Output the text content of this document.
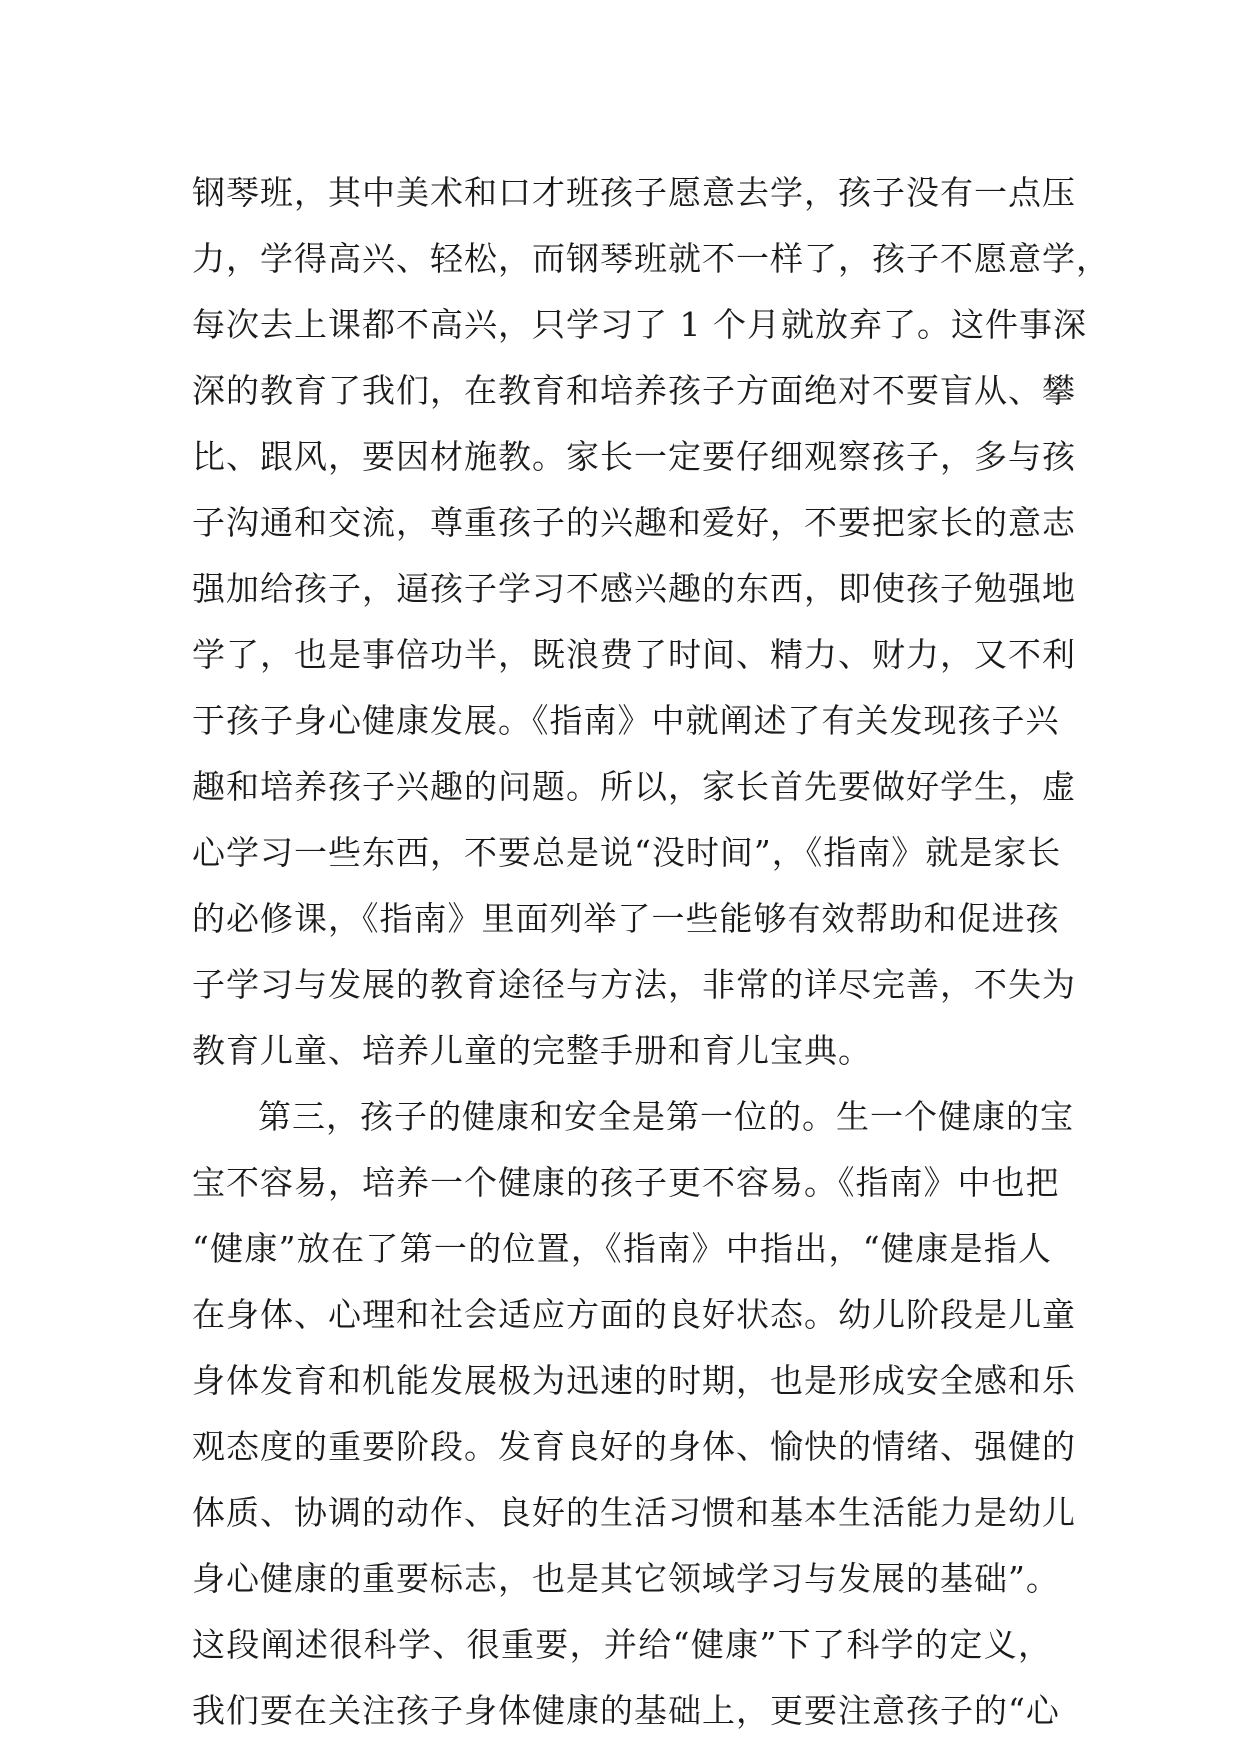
钢琴班，其中美术和口才班孩子愿意去学，孩子没有一点压
力，学得高兴、轻松，而钢琴班就不一样了，孩子不愿意学，
每次去上课都不高兴，只学习了 1 个月就放弃了。这件事深
深的教育了我们，在教育和培养孩子方面绝对不要盲从、攀
比、跟风，要因材施教。家长一定要仔细观察孩子，多与孩
子沟通和交流，尊重孩子的兴趣和爱好，不要把家长的意志
强加给孩子，逼孩子学习不感兴趣的东西，即使孩子勉强地
学了，也是事倍功半，既浪费了时间、精力、财力，又不利
于孩子身心健康发展。《指南》中就阐述了有关发现孩子兴
趣和培养孩子兴趣的问题。所以，家长首先要做好学生，虚
心学习一些东西，不要总是说“没时间”，《指南》就是家长
的必修课，《指南》里面列举了一些能够有效帮助和促进孩
子学习与发展的教育途径与方法，非常的详尽完善，不失为
教育儿童、培养儿童的完整手册和育儿宝典。
第三，孩子的健康和安全是第一位的。生一个健康的宝
宝不容易，培养一个健康的孩子更不容易。《指南》中也把
“健康”放在了第一的位置，《指南》中指出，“健康是指人
在身体、心理和社会适应方面的良好状态。幼儿阶段是儿童
身体发育和机能发展极为迅速的时期，也是形成安全感和乐
观态度的重要阶段。发育良好的身体、愉快的情绪、强健的
体质、协调的动作、良好的生活习惯和基本生活能力是幼儿
身心健康的重要标志，也是其它领域学习与发展的基础”。
这段阐述很科学、很重要，并给“健康”下了科学的定义，
我们要在关注孩子身体健康的基础上，更要注意孩子的“心
